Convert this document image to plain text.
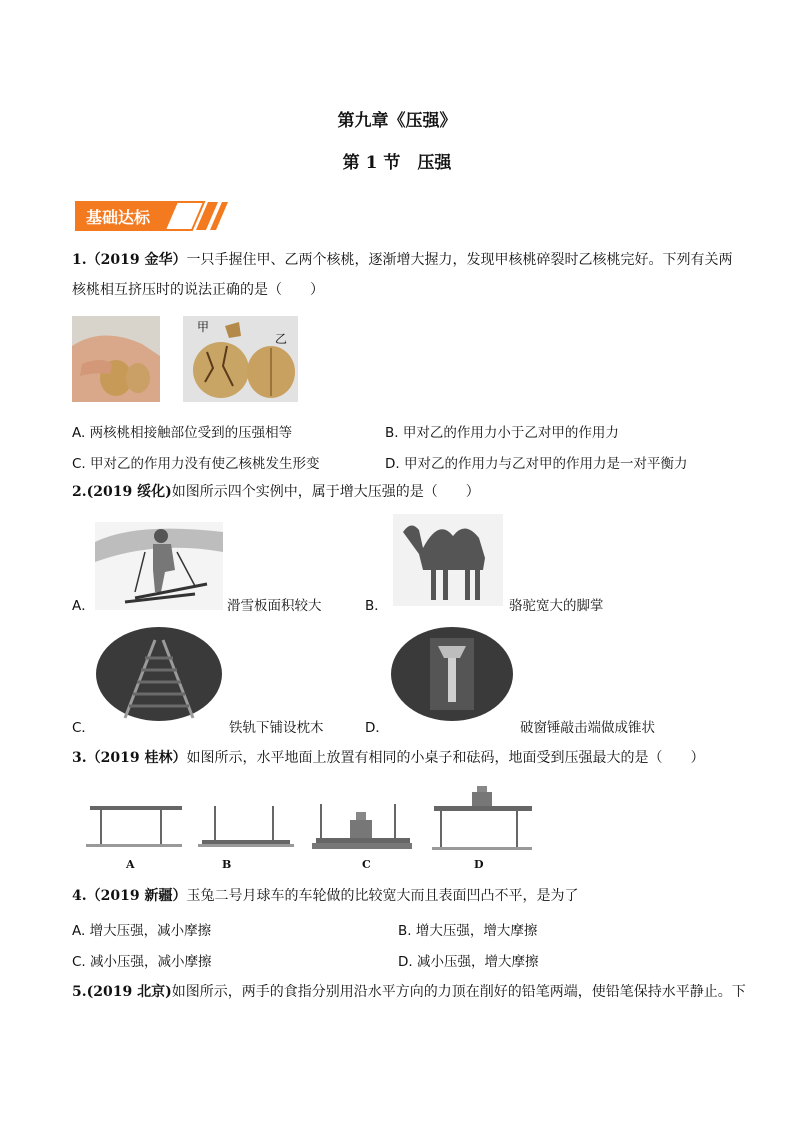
第九章《压强》
第 1 节　压强
基础达标
1.（2019 金华）一只手握住甲、乙两个核桃，逐渐增大握力，发现甲核桃碎裂时乙核桃完好。下列有关两
核桃相互挤压时的说法正确的是（　　）
甲
乙
A. 两核桃相接触部位受到的压强相等	B. 甲对乙的作用力小于乙对甲的作用力
C. 甲对乙的作用力没有使乙核桃发生形变	D. 甲对乙的作用力与乙对甲的作用力是一对平衡力
2.(2019 绥化)如图所示四个实例中，属于增大压强的是（　　）
A．	滑雪板面积较大	B．	骆驼宽大的脚掌
C．	铁轨下铺设枕木	D．	破窗锤敲击端做成锥状
3.（2019 桂林）如图所示，水平地面上放置有相同的小桌子和砝码，地面受到压强最大的是（　　）
A	B	C	D
4.（2019 新疆）玉兔二号月球车的车轮做的比较宽大而且表面凹凸不平，是为了
A. 增大压强，减小摩擦	B. 增大压强，增大摩擦
C. 减小压强，减小摩擦	D. 减小压强，增大摩擦
5.(2019 北京)如图所示，两手的食指分别用沿水平方向的力顶在削好的铅笔两端，使铅笔保持水平静止。下
